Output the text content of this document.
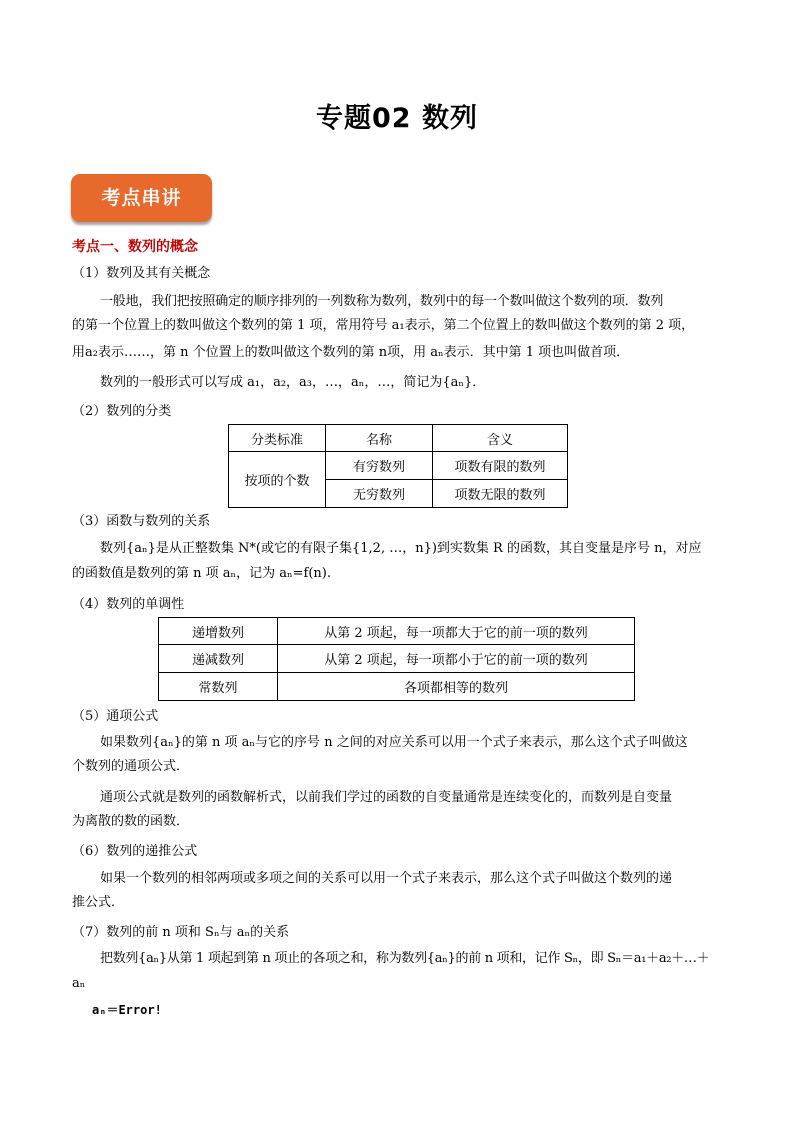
专题02 数列
考点串讲
考点一、数列的概念
（1）数列及其有关概念
一般地，我们把按照确定的顺序排列的一列数称为数列，数列中的每一个数叫做这个数列的项．数列
的第一个位置上的数叫做这个数列的第 1 项，常用符号 a₁表示，第二个位置上的数叫做这个数列的第 2 项，
用a₂表示……，第 n 个位置上的数叫做这个数列的第 n项，用 aₙ表示．其中第 1 项也叫做首项．
数列的一般形式可以写成 a₁，a₂，a₃，…，aₙ，…，简记为{aₙ}．
（2）数列的分类
分类标准	名称	含义
按项的个数	有穷数列	项数有限的数列
	无穷数列	项数无限的数列
（3）函数与数列的关系
数列{aₙ}是从正整数集 N*(或它的有限子集{1,2, …，n})到实数集 R 的函数，其自变量是序号 n，对应
的函数值是数列的第 n 项 aₙ，记为 aₙ=f(n).
（4）数列的单调性
递增数列	从第 2 项起，每一项都大于它的前一项的数列
递减数列	从第 2 项起，每一项都小于它的前一项的数列
常数列	各项都相等的数列
（5）通项公式
如果数列{aₙ}的第 n 项 aₙ与它的序号 n 之间的对应关系可以用一个式子来表示，那么这个式子叫做这
个数列的通项公式．
通项公式就是数列的函数解析式，以前我们学过的函数的自变量通常是连续变化的，而数列是自变量
为离散的数的函数．
（6）数列的递推公式
如果一个数列的相邻两项或多项之间的关系可以用一个式子来表示，那么这个式子叫做这个数列的递
推公式．
（7）数列的前 n 项和 Sₙ与 aₙ的关系
把数列{aₙ}从第 1 项起到第 n 项止的各项之和，称为数列{aₙ}的前 n 项和，记作 Sₙ，即 Sₙ＝a₁＋a₂＋…＋
aₙ
aₙ＝Error!
